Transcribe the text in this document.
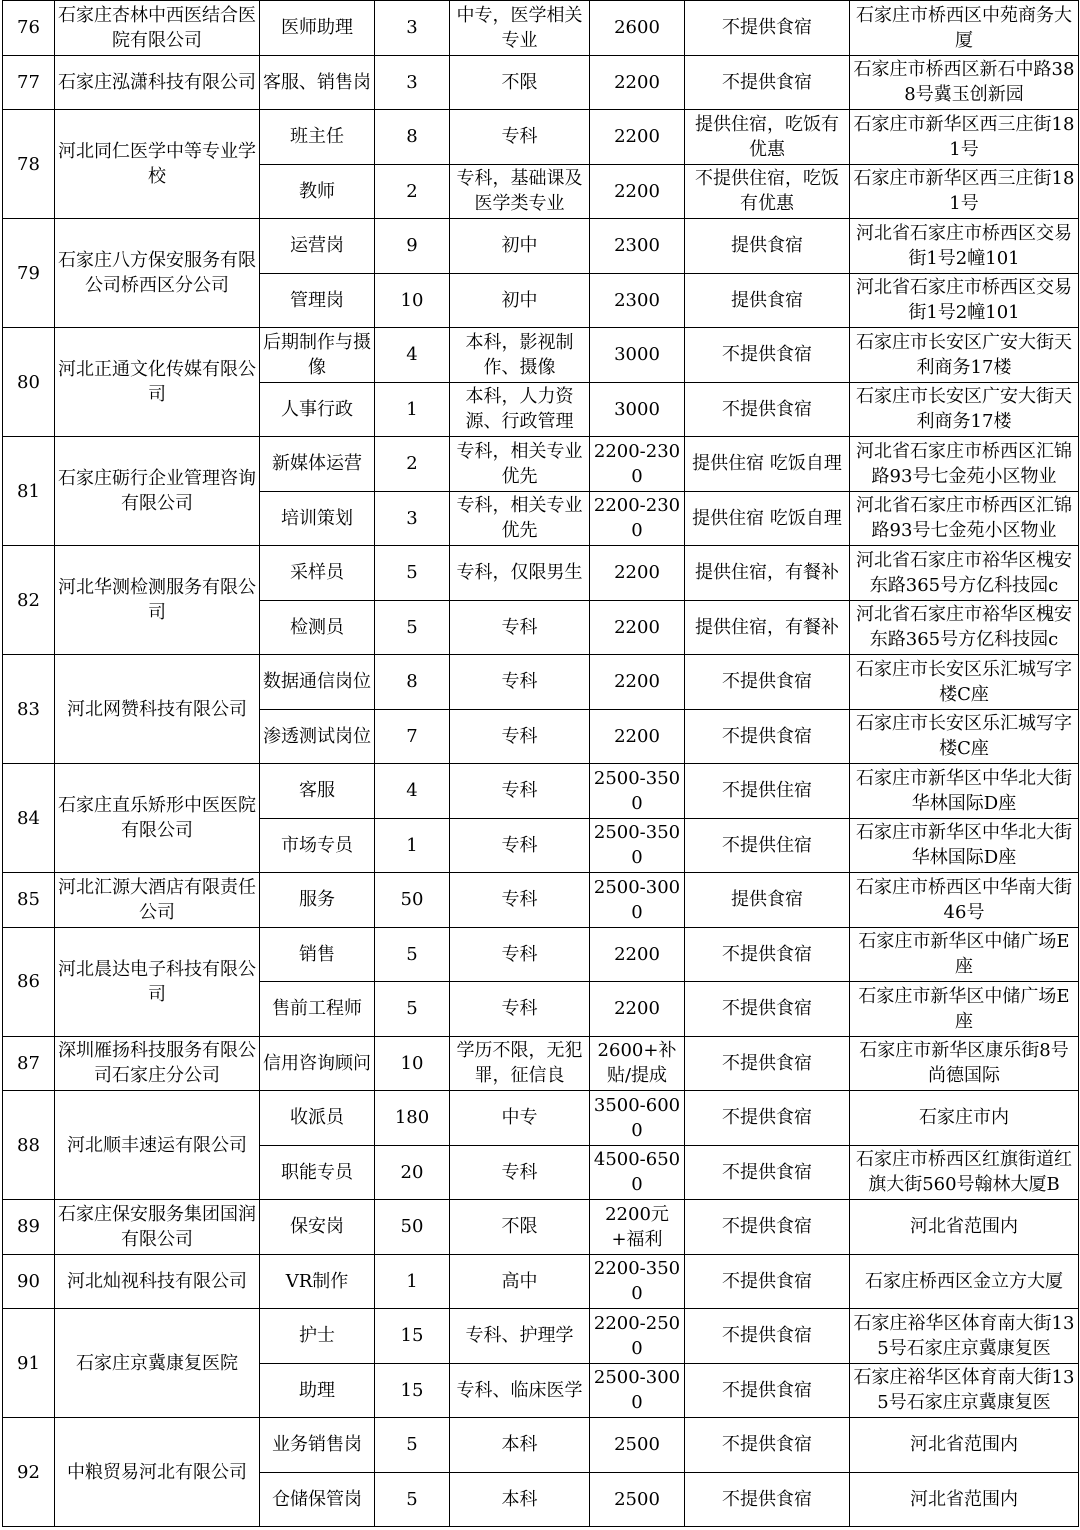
76	石家庄杏林中西医结合医院有限公司	医师助理	3	中专，医学相关专业	2600	不提供食宿	石家庄市桥西区中苑商务大厦
77	石家庄泓潇科技有限公司	客服、销售岗	3	不限	2200	不提供食宿	石家庄市桥西区新石中路388号冀玉创新园
78	河北同仁医学中等专业学校	班主任	8	专科	2200	提供住宿，吃饭有优惠	石家庄市新华区西三庄街181号
		教师	2	专科，基础课及医学类专业	2200	不提供住宿，吃饭有优惠	石家庄市新华区西三庄街181号
79	石家庄八方保安服务有限公司桥西区分公司	运营岗	9	初中	2300	提供食宿	河北省石家庄市桥西区交易街1号2幢101
		管理岗	10	初中	2300	提供食宿	河北省石家庄市桥西区交易街1号2幢101
80	河北正通文化传媒有限公司	后期制作与摄像	4	本科，影视制作、摄像	3000	不提供食宿	石家庄市长安区广安大街天利商务17楼
		人事行政	1	本科，人力资源、行政管理	3000	不提供食宿	石家庄市长安区广安大街天利商务17楼
81	石家庄砺行企业管理咨询有限公司	新媒体运营	2	专科，相关专业优先	2200-2300	提供住宿 吃饭自理	河北省石家庄市桥西区汇锦路93号七金苑小区物业
		培训策划	3	专科，相关专业优先	2200-2300	提供住宿 吃饭自理	河北省石家庄市桥西区汇锦路93号七金苑小区物业
82	河北华测检测服务有限公司	采样员	5	专科，仅限男生	2200	提供住宿，有餐补	河北省石家庄市裕华区槐安东路365号方亿科技园c
		检测员	5	专科	2200	提供住宿，有餐补	河北省石家庄市裕华区槐安东路365号方亿科技园c
83	河北网赞科技有限公司	数据通信岗位	8	专科	2200	不提供食宿	石家庄市长安区乐汇城写字楼C座
		渗透测试岗位	7	专科	2200	不提供食宿	石家庄市长安区乐汇城写字楼C座
84	石家庄直乐矫形中医医院有限公司	客服	4	专科	2500-3500	不提供住宿	石家庄市新华区中华北大街华林国际D座
		市场专员	1	专科	2500-3500	不提供住宿	石家庄市新华区中华北大街华林国际D座
85	河北汇源大酒店有限责任公司	服务	50	专科	2500-3000	提供食宿	石家庄市桥西区中华南大街46号
86	河北晨达电子科技有限公司	销售	5	专科	2200	不提供食宿	石家庄市新华区中储广场E座
		售前工程师	5	专科	2200	不提供食宿	石家庄市新华区中储广场E座
87	深圳雁扬科技服务有限公司石家庄分公司	信用咨询顾问	10	学历不限，无犯罪，征信良	2600+补贴/提成	不提供食宿	石家庄市新华区康乐街8号尚德国际
88	河北顺丰速运有限公司	收派员	180	中专	3500-6000	不提供食宿	石家庄市内
		职能专员	20	专科	4500-6500	不提供食宿	石家庄市桥西区红旗街道红旗大街560号翰林大厦B
89	石家庄保安服务集团国润有限公司	保安岗	50	不限	2200元+福利	不提供食宿	河北省范围内
90	河北灿视科技有限公司	VR制作	1	高中	2200-3500	不提供食宿	石家庄桥西区金立方大厦
91	石家庄京冀康复医院	护士	15	专科、护理学	2200-2500	不提供食宿	石家庄裕华区体育南大街135号石家庄京冀康复医
		助理	15	专科、临床医学	2500-3000	不提供食宿	石家庄裕华区体育南大街135号石家庄京冀康复医
92	中粮贸易河北有限公司	业务销售岗	5	本科	2500	不提供食宿	河北省范围内
		仓储保管岗	5	本科	2500	不提供食宿	河北省范围内
